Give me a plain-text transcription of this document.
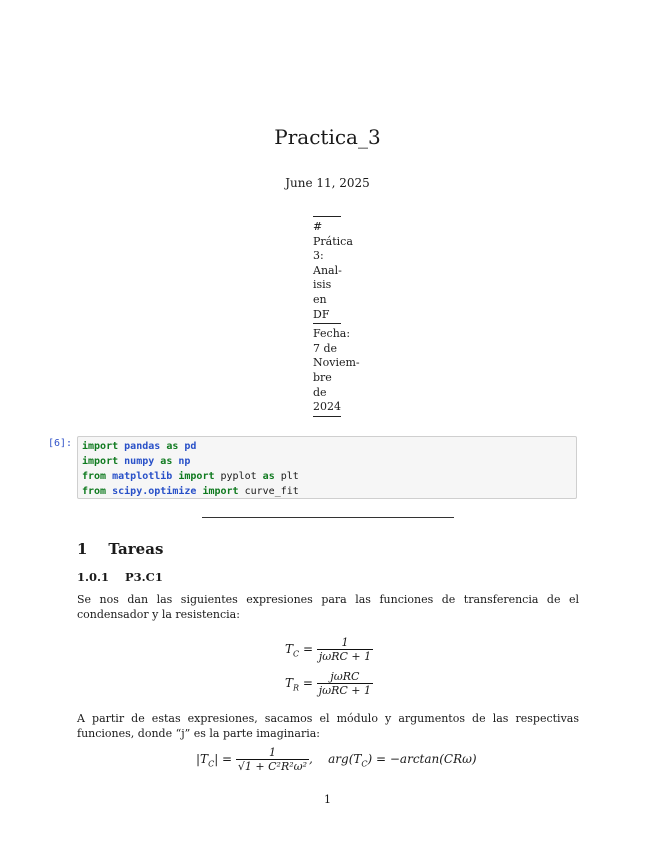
Practica_3
June 11, 2025
#
Prática
3:
Anal-
isis
en
DF
Fecha:
7 de
Noviem-
bre
de
2024
[6]: import pandas as pd
import numpy as np
from matplotlib import pyplot as plt
from scipy.optimize import curve_fit
1 Tareas
1.0.1 P3.C1
Se nos dan las siguientes expresiones para las funciones de transferencia de el condensador y la resistencia:
$T_C = \frac{1}{\text{jωRC + 1}}$
$T_R = \frac{\text{jωRC}}{\text{jωRC + 1}}$
A partir de estas expresiones, sacamos el módulo y argumentos de las respectivas funciones, donde “j” es la parte imaginaria:
$|T_C| = \frac{1}{\text{√1 + C²R²ω²}}$ ,    $arg(T_C) = -\arctan(CR\omega)$
1
